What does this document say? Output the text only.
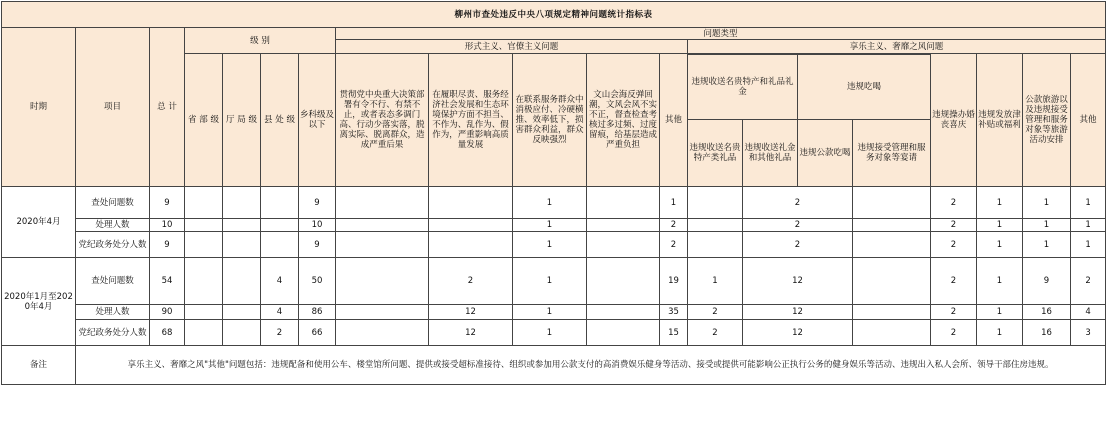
柳州市查处违反中央八项规定精神问题统计指标表																				
时期	项目	总 计	级 别				问题类型													
							形式主义、官僚主义问题					享乐主义、奢靡之风问题								
			省 部 级	厅 局 级	县 处 级	乡科级及以下	贯彻党中央重大决策部署有令不行、有禁不止，或者表态多调门高、行动少落实落，脱离实际、脱离群众，造成严重后果	在履职尽责、服务经济社会发展和生态环境保护方面不担当、不作为、乱作为、假作为，严重影响高质量发展	在联系服务群众中消极应付、冷硬横推、效率低下，损害群众利益，群众反映强烈	文山会海反弹回潮，文风会风不实不正，督查检查考核过多过频、过度留痕，给基层造成严重负担	其他					违规操办婚丧喜庆	违规发放津补贴或福利	公款旅游以及违规接受管理和服务对象等旅游活动安排	其他	
												违规收送名贵特产和礼品礼金		违规吃喝						
												违规收送名贵特产类礼品	违规收送礼金和其他礼品	违规公款吃喝	违规接受管理和服务对象等宴请					
2020年4月	查处问题数	9				9			1		1		2			2	1	1	1	
	处理人数	10				10			1		2		2			2	1	1	1	
	党纪政务处分人数	9				9			1		2		2			2	1	1	1	
2020年1月至2020年4月	查处问题数	54			4	50		2	1		19	1	12			2	1	9	2	
	处理人数	90			4	86		12	1		35	2	12			2	1	16	4	
	党纪政务处分人数	68			2	66		12	1		15	2	12			2	1	16	3	
备注	享乐主义、奢靡之风"其他"问题包括：违规配备和使用公车、楼堂馆所问题、提供或接受超标准接待、组织或参加用公款支付的高消费娱乐健身等活动、接受或提供可能影响公正执行公务的健身娱乐等活动、违规出入私人会所、领导干部住房违规。																			
